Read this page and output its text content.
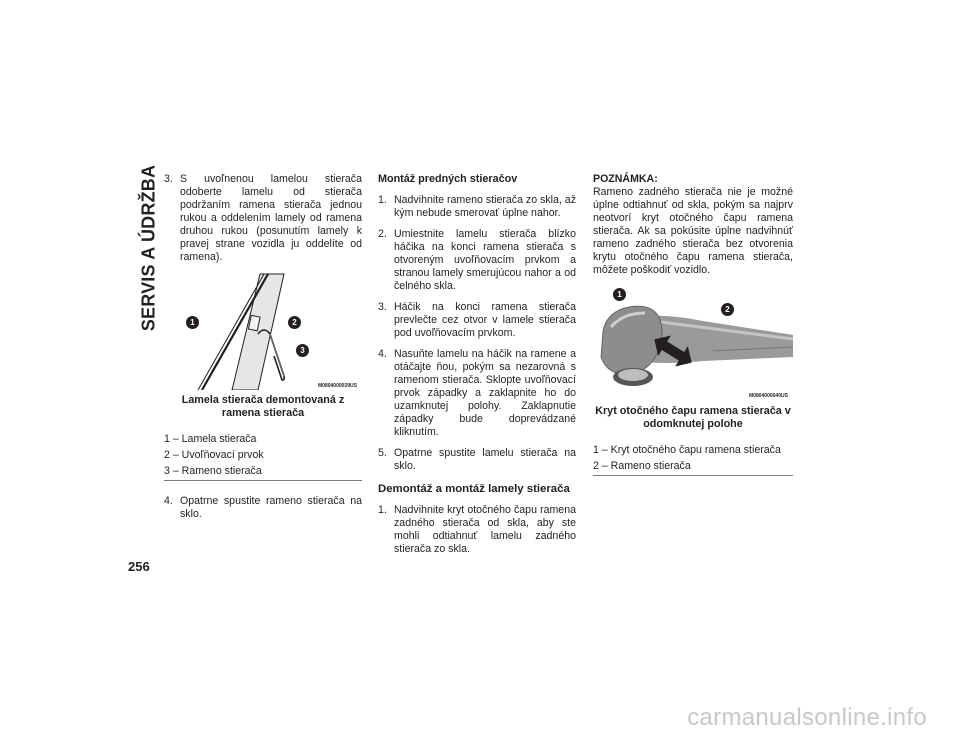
SERVIS A ÚDRŽBA
256
3. S uvoľnenou lamelou stierača odoberte lamelu od stierača podržaním ramena stierača jednou rukou a oddelením lamely od ramena druhou rukou (posunutím lamely k pravej strane vozidla ju oddelíte od ramena).

1	2
3
M0804000039US
Lamela stierača demontovaná z ramena stierača
1 – Lamela stierača
2 – Uvoľňovací prvok
3 – Rameno stierača
4. Opatrne spustite rameno stierača na sklo.

Montáž predných stieračov
1. Nadvihnite rameno stierača zo skla, až kým nebude smerovať úplne nahor.

2. Umiestnite lamelu stierača blízko háčika na konci ramena stierača s otvoreným uvoľňovacím prvkom a stranou lamely smerujúcou nahor a od čelného skla.

3. Háčik na konci ramena stierača prevlečte cez otvor v lamele stierača pod uvoľňovacím prvkom.

4. Nasuňte lamelu na háčik na ramene a otáčajte ňou, pokým sa nezarovná s ramenom stierača. Sklopte uvoľňovací prvok západky a zaklapnite ho do uzamknutej polohy. Zaklapnutie západky bude doprevádzané kliknutím.

5. Opatrne spustite lamelu stierača na sklo.

Demontáž a montáž lamely stierača
1. Nadvihnite kryt otočného čapu ramena zadného stierača od skla, aby ste mohli odtiahnuť lamelu zadného stierača zo skla.

POZNÁMKA:

Rameno zadného stierača nie je možné úplne odtiahnuť od skla, pokým sa najprv neotvorí kryt otočného čapu ramena stierača. Ak sa pokúsite úplne nadvihnúť rameno zadného stierača bez otvorenia krytu otočného čapu ramena stierača, môžete poškodiť vozidlo.

1
2
M0804000040US
Kryt otočného čapu ramena stierača v odomknutej polohe
1 – Kryt otočného čapu ramena stierača
2 – Rameno stierača
carmanualsonline.info
